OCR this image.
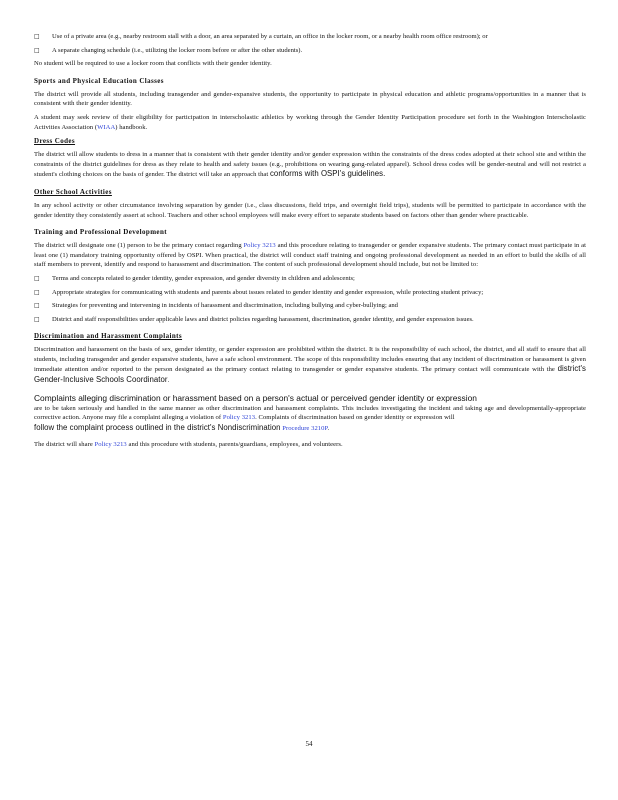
□	Use of a private area (e.g., nearby restroom stall with a door, an area separated by a curtain, an office in the locker room, or a nearby health room office restroom); or
□	A separate changing schedule (i.e., utilizing the locker room before or after the other students).

No student will be required to use a locker room that conflicts with their gender identity.

Sports and Physical Education Classes

The district will provide all students, including transgender and gender-expansive students, the opportunity to participate in physical education and athletic programs/opportunities in a manner that is consistent with their gender identity.

A student may seek review of their eligibility for participation in interscholastic athletics by working through the Gender Identity Participation procedure set forth in the Washington Interscholastic Activities Association (WIAA) handbook.

Dress Codes

The district will allow students to dress in a manner that is consistent with their gender identity and/or gender expression within the constraints of the dress codes adopted at their school site and within the constraints of the district guidelines for dress as they relate to health and safety issues (e.g., prohibitions on wearing gang-related apparel). School dress codes will be gender-neutral and will not restrict a student's clothing choices on the basis of gender. The district will take an approach that conforms with OSPI's guidelines.

Other School Activities

In any school activity or other circumstance involving separation by gender (i.e., class discussions, field trips, and overnight field trips), students will be permitted to participate in accordance with the gender identity they consistently assert at school. Teachers and other school employees will make every effort to separate students based on factors other than gender where practicable.

Training and Professional Development

The district will designate one (1) person to be the primary contact regarding Policy 3213 and this procedure relating to transgender or gender expansive students. The primary contact must participate in at least one (1) mandatory training opportunity offered by OSPI. When practical, the district will conduct staff training and ongoing professional development as needed in an effort to build the skills of all staff members to prevent, identify and respond to harassment and discrimination. The content of such professional development should include, but not be limited to:

□	Terms and concepts related to gender identity, gender expression, and gender diversity in children and adolescents;
□	Appropriate strategies for communicating with students and parents about issues related to gender identity and gender expression, while protecting student privacy;
□	Strategies for preventing and intervening in incidents of harassment and discrimination, including bullying and cyber-bullying; and
□	District and staff responsibilities under applicable laws and district policies regarding harassment, discrimination, gender identity, and gender expression issues.

Discrimination and Harassment Complaints

Discrimination and harassment on the basis of sex, gender identity, or gender expression are prohibited within the district. It is the responsibility of each school, the district, and all staff to ensure that all students, including transgender and gender expansive students, have a safe school environment. The scope of this responsibility includes ensuring that any incident of discrimination or harassment is given immediate attention and/or reported to the person designated as the primary contact relating to transgender or gender expansive students. The primary contact will communicate with the district's Gender-Inclusive Schools Coordinator.

Complaints alleging discrimination or harassment based on a person's actual or perceived gender identity or expression

are to be taken seriously and handled in the same manner as other discrimination and harassment complaints. This includes investigating the incident and taking age and developmentally-appropriate corrective action. Anyone may file a complaint alleging a violation of Policy 3213. Complaints of discrimination based on gender identity or expression will

follow the complaint process outlined in the district's Nondiscrimination Procedure 3210P.

The district will share Policy 3213 and this procedure with students, parents/guardians, employees, and volunteers.

54
